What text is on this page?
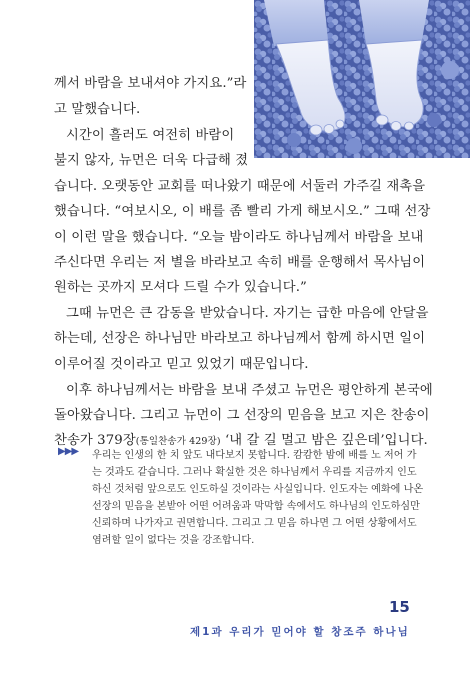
께서 바람을 보내셔야 가지요.”라
고 말했습니다.
시간이 흘러도 여전히 바람이
불지 않자, 뉴먼은 더욱 다급해 졌
습니다. 오랫동안 교회를 떠나왔기 때문에 서둘러 가주길 재촉을
했습니다. “여보시오, 이 배를 좀 빨리 가게 해보시오.” 그때 선장
이 이런 말을 했습니다. “오늘 밤이라도 하나님께서 바람을 보내
주신다면 우리는 저 별을 바라보고 속히 배를 운행해서 목사님이
원하는 곳까지 모셔다 드릴 수가 있습니다.”
그때 뉴먼은 큰 감동을 받았습니다. 자기는 급한 마음에 안달을
하는데, 선장은 하나님만 바라보고 하나님께서 함께 하시면 일이
이루어질 것이라고 믿고 있었기 때문입니다.
이후 하나님께서는 바람을 보내 주셨고 뉴먼은 평안하게 본국에
돌아왔습니다. 그리고 뉴먼이 그 선장의 믿음을 보고 지은 찬송이
찬송가 379장(통일찬송가 429장) ‘내 갈 길 멀고 밤은 깊은데’입니다.
▶▶▶ 우리는 인생의 한 치 앞도 내다보지 못합니다. 캄캄한 밤에 배를 노 저어 가
는 것과도 같습니다. 그러나 확실한 것은 하나님께서 우리를 지금까지 인도
하신 것처럼 앞으로도 인도하실 것이라는 사실입니다. 인도자는 예화에 나온
선장의 믿음을 본받아 어떤 어려움과 막막함 속에서도 하나님의 인도하심만
신뢰하며 나가자고 권면합니다. 그리고 그 믿음 하나면 그 어떤 상황에서도
염려할 일이 없다는 것을 강조합니다.
15
제1과 우리가 믿어야 할 창조주 하나님
